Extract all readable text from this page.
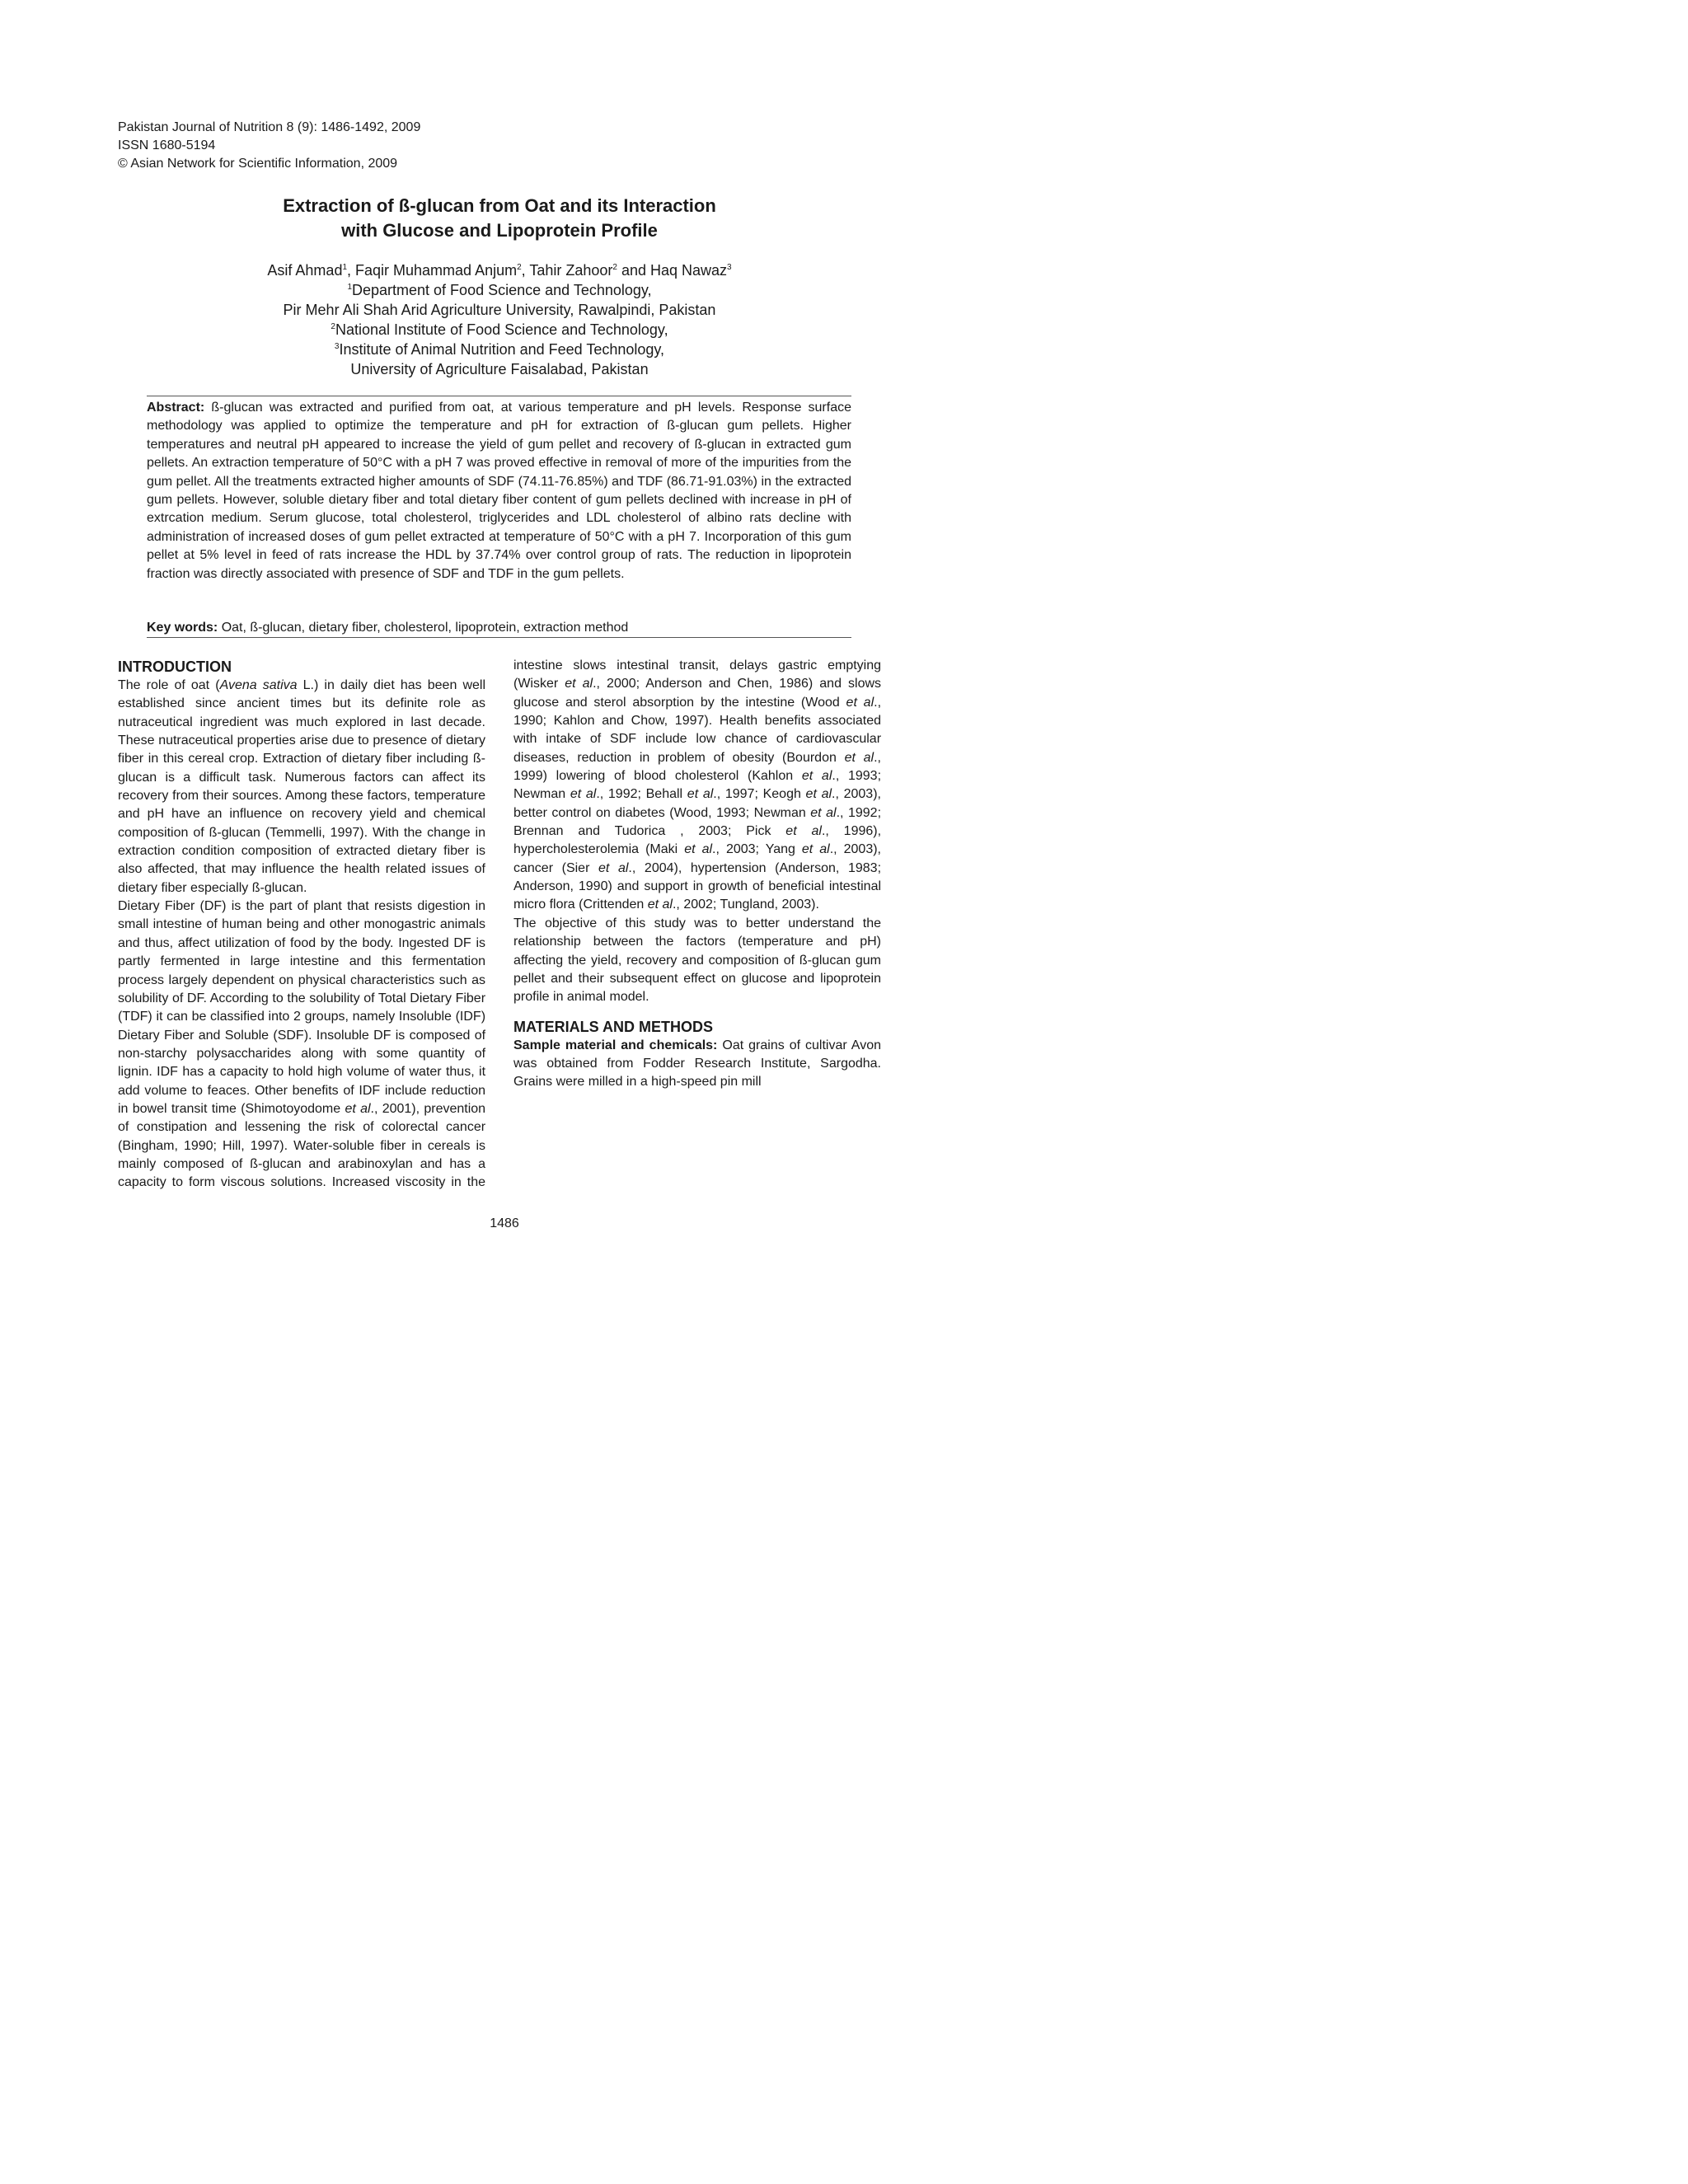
Pakistan Journal of Nutrition 8 (9): 1486-1492, 2009
ISSN 1680-5194
© Asian Network for Scientific Information, 2009
Extraction of ß-glucan from Oat and its Interaction
with Glucose and Lipoprotein Profile
Asif Ahmad$^1$, Faqir Muhammad Anjum$^2$, Tahir Zahoor$^2$ and Haq Nawaz$^3$
$^1$Department of Food Science and Technology,
Pir Mehr Ali Shah Arid Agriculture University, Rawalpindi, Pakistan
$^2$National Institute of Food Science and Technology,
$^3$Institute of Animal Nutrition and Feed Technology,
University of Agriculture Faisalabad, Pakistan
Abstract: ß-glucan was extracted and purified from oat, at various temperature and pH levels. Response surface methodology was applied to optimize the temperature and pH for extraction of ß-glucan gum pellets. Higher temperatures and neutral pH appeared to increase the yield of gum pellet and recovery of ß-glucan in extracted gum pellets. An extraction temperature of 50°C with a pH 7 was proved effective in removal of more of the impurities from the gum pellet. All the treatments extracted higher amounts of SDF (74.11-76.85%) and TDF (86.71-91.03%) in the extracted gum pellets. However, soluble dietary fiber and total dietary fiber content of gum pellets declined with increase in pH of extrcation medium. Serum glucose, total cholesterol, triglycerides and LDL cholesterol of albino rats decline with administration of increased doses of gum pellet extracted at temperature of 50°C with a pH 7. Incorporation of this gum pellet at 5% level in feed of rats increase the HDL by 37.74% over control group of rats. The reduction in lipoprotein fraction was directly associated with presence of SDF and TDF in the gum pellets.
Key words: Oat, ß-glucan, dietary fiber, cholesterol, lipoprotein, extraction method
INTRODUCTION

The role of oat (Avena sativa L.) in daily diet has been well established since ancient times but its definite role as nutraceutical ingredient was much explored in last decade. These nutraceutical properties arise due to presence of dietary fiber in this cereal crop. Extraction of dietary fiber including ß-glucan is a difficult task. Numerous factors can affect its recovery from their sources. Among these factors, temperature and pH have an influence on recovery yield and chemical composition of ß-glucan (Temmelli, 1997). With the change in extraction condition composition of extracted dietary fiber is also affected, that may influence the health related issues of dietary fiber especially ß-glucan.

Dietary Fiber (DF) is the part of plant that resists digestion in small intestine of human being and other monogastric animals and thus, affect utilization of food by the body. Ingested DF is partly fermented in large intestine and this fermentation process largely dependent on physical characteristics such as solubility of DF. According to the solubility of Total Dietary Fiber (TDF) it can be classified into 2 groups, namely Insoluble (IDF) Dietary Fiber and Soluble (SDF). Insoluble DF is composed of non-starchy polysaccharides along with some quantity of lignin. IDF has a capacity to hold high volume of water thus, it add volume to feaces. Other benefits of IDF include reduction in bowel transit time (Shimotoyodome et al., 2001), prevention of constipation and lessening the risk of colorectal cancer (Bingham, 1990; Hill, 1997). Water-soluble fiber in cereals is mainly composed of ß-glucan and arabinoxylan and has a capacity to form viscous solutions. Increased viscosity in the

intestine slows intestinal transit, delays gastric emptying (Wisker et al., 2000; Anderson and Chen, 1986) and slows glucose and sterol absorption by the intestine (Wood et al., 1990; Kahlon and Chow, 1997). Health benefits associated with intake of SDF include low chance of cardiovascular diseases, reduction in problem of obesity (Bourdon et al., 1999) lowering of blood cholesterol (Kahlon et al., 1993; Newman et al., 1992; Behall et al., 1997; Keogh et al., 2003), better control on diabetes (Wood, 1993; Newman et al., 1992; Brennan and Tudorica , 2003; Pick et al., 1996), hypercholesterolemia (Maki et al., 2003; Yang et al., 2003), cancer (Sier et al., 2004), hypertension (Anderson, 1983; Anderson, 1990) and support in growth of beneficial intestinal micro flora (Crittenden et al., 2002; Tungland, 2003).

The objective of this study was to better understand the relationship between the factors (temperature and pH) affecting the yield, recovery and composition of ß-glucan gum pellet and their subsequent effect on glucose and lipoprotein profile in animal model.

MATERIALS AND METHODS

Sample material and chemicals: Oat grains of cultivar Avon was obtained from Fodder Research Institute, Sargodha. Grains were milled in a high-speed pin mill

1486
